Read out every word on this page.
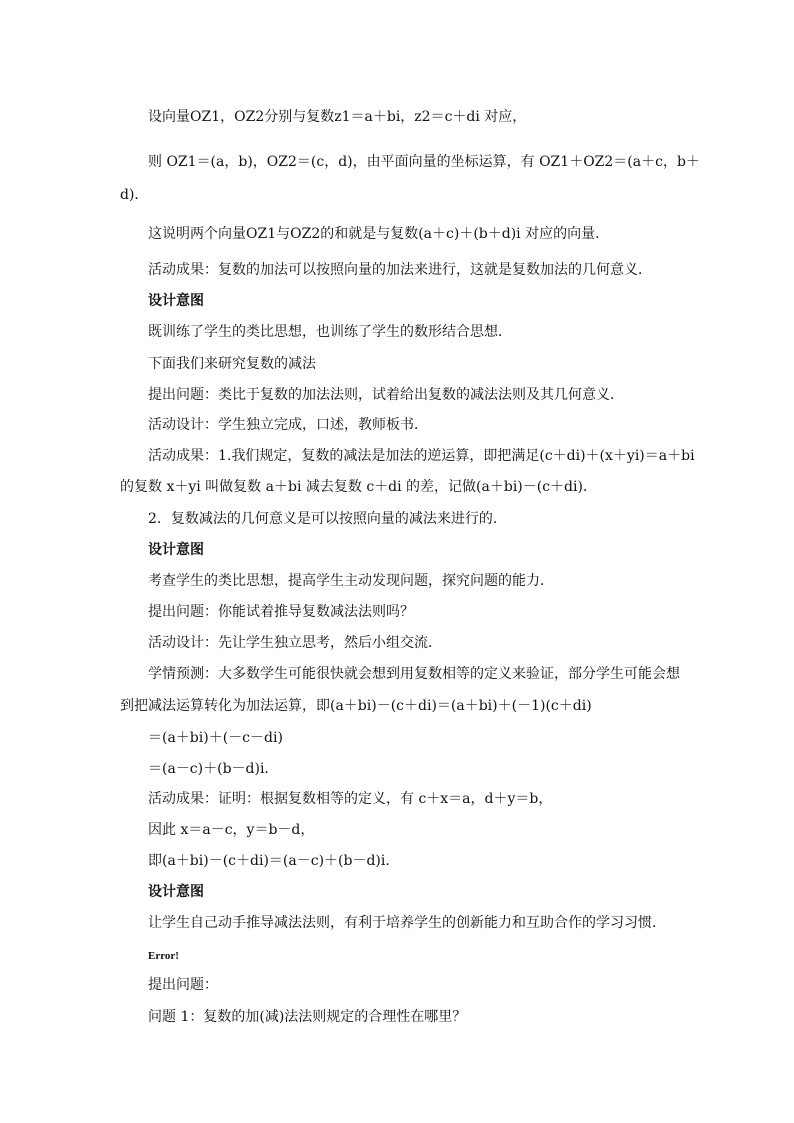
设向量OZ1，OZ2分别与复数z1＝a＋bi，z2＝c＋di 对应，
则 OZ1＝(a，b)，OZ2＝(c，d)，由平面向量的坐标运算，有 OZ1＋OZ2＝(a＋c，b＋
d)．
这说明两个向量OZ1与OZ2的和就是与复数(a＋c)＋(b＋d)i 对应的向量．
活动成果：复数的加法可以按照向量的加法来进行，这就是复数加法的几何意义．
设计意图
既训练了学生的类比思想，也训练了学生的数形结合思想．
下面我们来研究复数的减法
提出问题：类比于复数的加法法则，试着给出复数的减法法则及其几何意义．
活动设计：学生独立完成，口述，教师板书．
活动成果：1.我们规定，复数的减法是加法的逆运算，即把满足(c＋di)＋(x＋yi)＝a＋bi
的复数 x＋yi 叫做复数 a＋bi 减去复数 c＋di 的差，记做(a＋bi)－(c＋di)．
2．复数减法的几何意义是可以按照向量的减法来进行的．
设计意图
考查学生的类比思想，提高学生主动发现问题，探究问题的能力．
提出问题：你能试着推导复数减法法则吗？
活动设计：先让学生独立思考，然后小组交流．
学情预测：大多数学生可能很快就会想到用复数相等的定义来验证，部分学生可能会想
到把减法运算转化为加法运算，即(a＋bi)－(c＋di)＝(a＋bi)＋(－1)(c＋di)
＝(a＋bi)＋(－c－di)
＝(a－c)＋(b－d)i.
活动成果：证明：根据复数相等的定义，有 c＋x＝a，d＋y＝b，
因此 x＝a－c，y＝b－d，
即(a＋bi)－(c＋di)＝(a－c)＋(b－d)i.
设计意图
让学生自己动手推导减法法则，有利于培养学生的创新能力和互助合作的学习习惯．
Error!
提出问题：
问题 1：复数的加(减)法法则规定的合理性在哪里？
